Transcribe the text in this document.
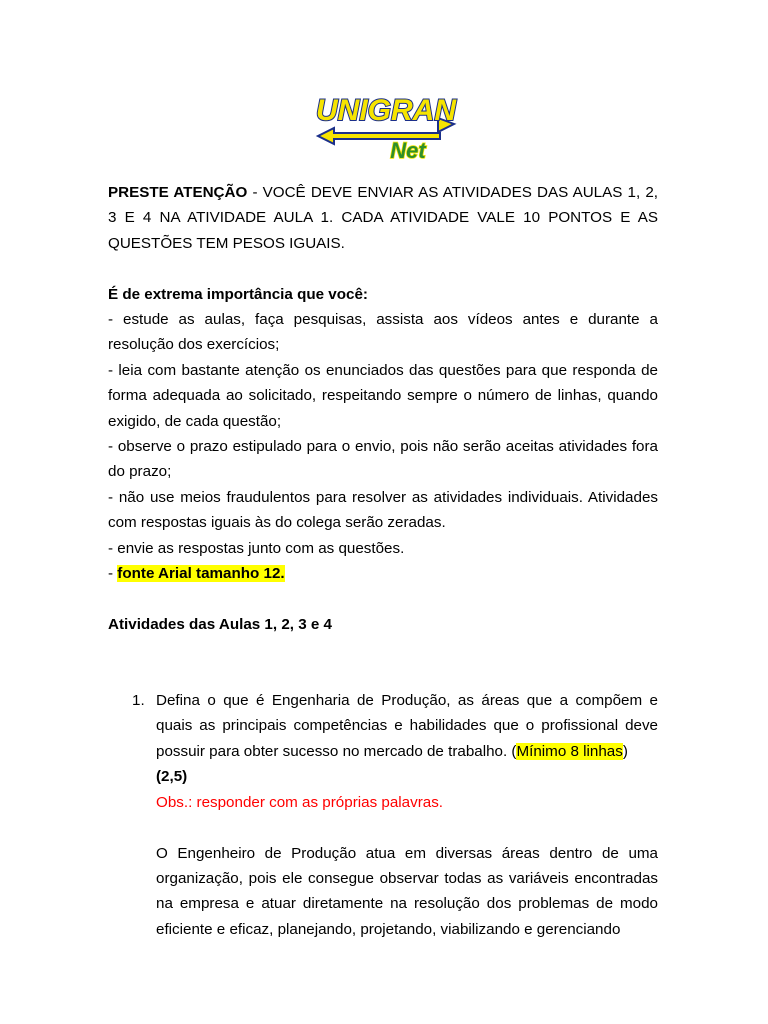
UNIGRAN
Net

PRESTE ATENÇÃO - VOCÊ DEVE ENVIAR AS ATIVIDADES DAS AULAS 1, 2, 3 E 4 NA ATIVIDADE AULA 1. CADA ATIVIDADE VALE 10 PONTOS E AS QUESTÕES TEM PESOS IGUAIS.

É de extrema importância que você:

- estude as aulas, faça pesquisas, assista aos vídeos antes e durante a resolução dos exercícios;

- leia com bastante atenção os enunciados das questões para que responda de forma adequada ao solicitado, respeitando sempre o número de linhas, quando exigido, de cada questão;

- observe o prazo estipulado para o envio, pois não serão aceitas atividades fora do prazo;

- não use meios fraudulentos para resolver as atividades individuais. Atividades com respostas iguais às do colega serão zeradas.

- envie as respostas junto com as questões.

- fonte Arial tamanho 12.

Atividades das Aulas 1, 2, 3 e 4

1. Defina o que é Engenharia de Produção, as áreas que a compõem e quais as principais competências e habilidades que o profissional deve possuir para obter sucesso no mercado de trabalho. (Mínimo 8 linhas)

(2,5)

Obs.: responder com as próprias palavras.

O Engenheiro de Produção atua em diversas áreas dentro de uma organização, pois ele consegue observar todas as variáveis encontradas na empresa e atuar diretamente na resolução dos problemas de modo eficiente e eficaz, planejando, projetando, viabilizando e gerenciando
